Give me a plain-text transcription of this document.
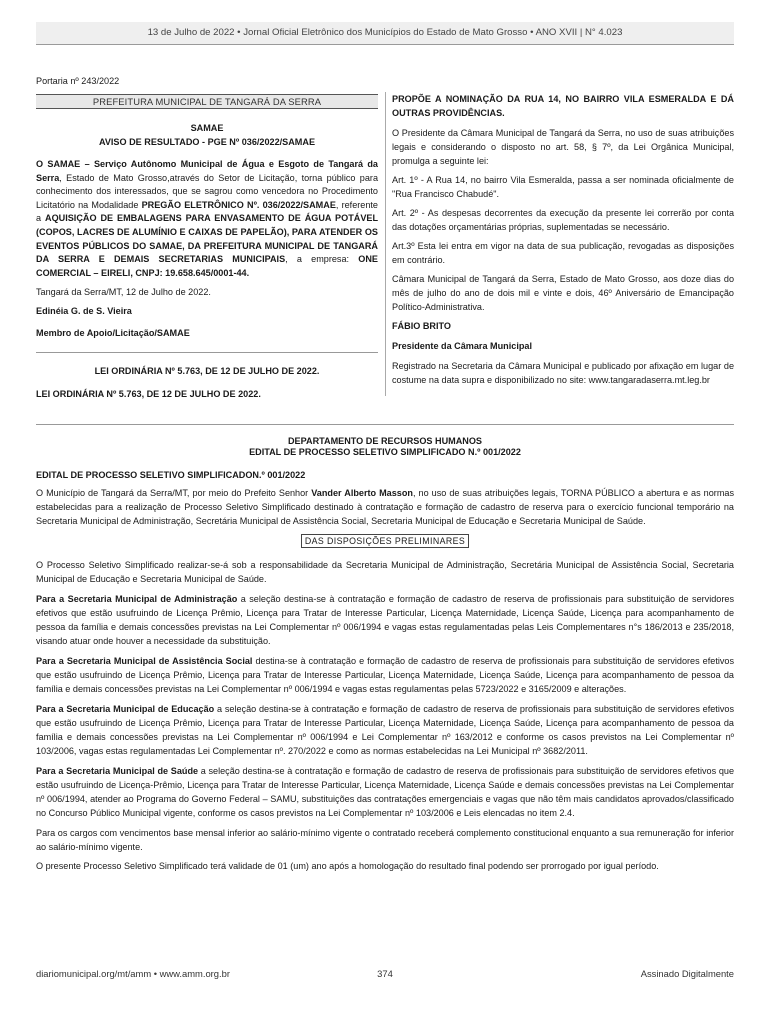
13 de Julho de 2022 • Jornal Oficial Eletrônico dos Municípios do Estado de Mato Grosso • ANO XVII | N° 4.023
Portaria nº 243/2022
PREFEITURA MUNICIPAL DE TANGARÁ DA SERRA
SAMAE
AVISO DE RESULTADO - PGE Nº 036/2022/SAMAE

O SAMAE – Serviço Autônomo Municipal de Água e Esgoto de Tangará da Serra, Estado de Mato Grosso,através do Setor de Licitação, torna público para conhecimento dos interessados, que se sagrou como vencedora no Procedimento Licitatório na Modalidade PREGÃO ELETRÔNICO Nº. 036/2022/SAMAE, referente a AQUISIÇÃO DE EMBALAGENS PARA ENVASAMENTO DE ÁGUA POTÁVEL (COPOS, LACRES DE ALUMÍNIO E CAIXAS DE PAPELÃO), PARA ATENDER OS EVENTOS PÚBLICOS DO SAMAE, DA PREFEITURA MUNICIPAL DE TANGARÁ DA SERRA E DEMAIS SECRETARIAS MUNICIPAIS, a empresa: ONE COMERCIAL – EIRELI, CNPJ: 19.658.645/0001-44.

Tangará da Serra/MT, 12 de Julho de 2022.

Edinéia G. de S. Vieira

Membro de Apoio/Licitação/SAMAE

LEI ORDINÁRIA Nº 5.763, DE 12 DE JULHO DE 2022.
LEI ORDINÁRIA Nº 5.763, DE 12 DE JULHO DE 2022.

PROPÕE A NOMINAÇÃO DA RUA 14, NO BAIRRO VILA ESMERALDA E DÁ OUTRAS PROVIDÊNCIAS.

O Presidente da Câmara Municipal de Tangará da Serra, no uso de suas atribuições legais e considerando o disposto no art. 58, § 7º, da Lei Orgânica Municipal, promulga a seguinte lei:

Art. 1º - A Rua 14, no bairro Vila Esmeralda, passa a ser nominada oficialmente de "Rua Francisco Chabudé".

Art. 2º - As despesas decorrentes da execução da presente lei correrão por conta das dotações orçamentárias próprias, suplementadas se necessário.

Art.3º Esta lei entra em vigor na data de sua publicação, revogadas as disposições em contrário.

Câmara Municipal de Tangará da Serra, Estado de Mato Grosso, aos doze dias do mês de julho do ano de dois mil e vinte e dois, 46º Aniversário de Emancipação Político-Administrativa.

FÁBIO BRITO

Presidente da Câmara Municipal

Registrado na Secretaria da Câmara Municipal e publicado por afixação em lugar de costume na data supra e disponibilizado no site: www.tangaradaserra.mt.leg.br

DEPARTAMENTO DE RECURSOS HUMANOS
EDITAL DE PROCESSO SELETIVO SIMPLIFICADO N.º 001/2022

EDITAL DE PROCESSO SELETIVO SIMPLIFICADON.º 001/2022

O Município de Tangará da Serra/MT, por meio do Prefeito Senhor Vander Alberto Masson, no uso de suas atribuições legais, TORNA PÚBLICO a abertura e as normas estabelecidas para a realização de Processo Seletivo Simplificado destinado à contratação e formação de cadastro de reserva para o exercício funcional temporário na Secretaria Municipal de Administração, Secretária Municipal de Assistência Social, Secretaria Municipal de Educação e Secretaria Municipal de Saúde.

DAS DISPOSIÇÕES PRELIMINARES

O Processo Seletivo Simplificado realizar-se-á sob a responsabilidade da Secretaria Municipal de Administração, Secretária Municipal de Assistência Social, Secretaria Municipal de Educação e Secretaria Municipal de Saúde.

Para a Secretaria Municipal de Administração a seleção destina-se à contratação e formação de cadastro de reserva de profissionais para substituição de servidores efetivos que estão usufruindo de Licença Prêmio, Licença para Tratar de Interesse Particular, Licença Maternidade, Licença Saúde, Licença para acompanhamento de pessoa da família e demais concessões previstas na Lei Complementar nº 006/1994 e vagas estas regulamentadas pelas Leis Complementares n°s 186/2013 e 235/2018, visando atuar onde houver a necessidade da substituição.

Para a Secretaria Municipal de Assistência Social destina-se à contratação e formação de cadastro de reserva de profissionais para substituição de servidores efetivos que estão usufruindo de Licença Prêmio, Licença para Tratar de Interesse Particular, Licença Maternidade, Licença Saúde, Licença para acompanhamento de pessoa da família e demais concessões previstas na Lei Complementar nº 006/1994 e vagas estas regulamentas pelas 5723/2022 e 3165/2009 e alterações.

Para a Secretaria Municipal de Educação a seleção destina-se à contratação e formação de cadastro de reserva de profissionais para substituição de servidores efetivos que estão usufruindo de Licença Prêmio, Licença para Tratar de Interesse Particular, Licença Maternidade, Licença Saúde, Licença para acompanhamento de pessoa da família e demais concessões previstas na Lei Complementar nº 006/1994 e Lei Complementar nº 163/2012 e conforme os casos previstos na Lei Complementar nº 103/2006, vagas estas regulamentadas Lei Complementar nº. 270/2022 e como as normas estabelecidas na Lei Municipal nº 3682/2011.

Para a Secretaria Municipal de Saúde a seleção destina-se à contratação e formação de cadastro de reserva de profissionais para substituição de servidores efetivos que estão usufruindo de Licença-Prêmio, Licença para Tratar de Interesse Particular, Licença Maternidade, Licença Saúde e demais concessões previstas na Lei Complementar nº 006/1994, atender ao Programa do Governo Federal – SAMU, substituições das contratações emergenciais e vagas que não têm mais candidatos aprovados/classificado no Concurso Público Municipal vigente, conforme os casos previstos na Lei Complementar nº 103/2006 e Leis elencadas no item 2.4.

Para os cargos com vencimentos base mensal inferior ao salário-mínimo vigente o contratado receberá complemento constitucional enquanto a sua remuneração for inferior ao salário-mínimo vigente.

O presente Processo Seletivo Simplificado terá validade de 01 (um) ano após a homologação do resultado final podendo ser prorrogado por igual período.

diariomunicipal.org/mt/amm • www.amm.org.br	374	Assinado Digitalmente
